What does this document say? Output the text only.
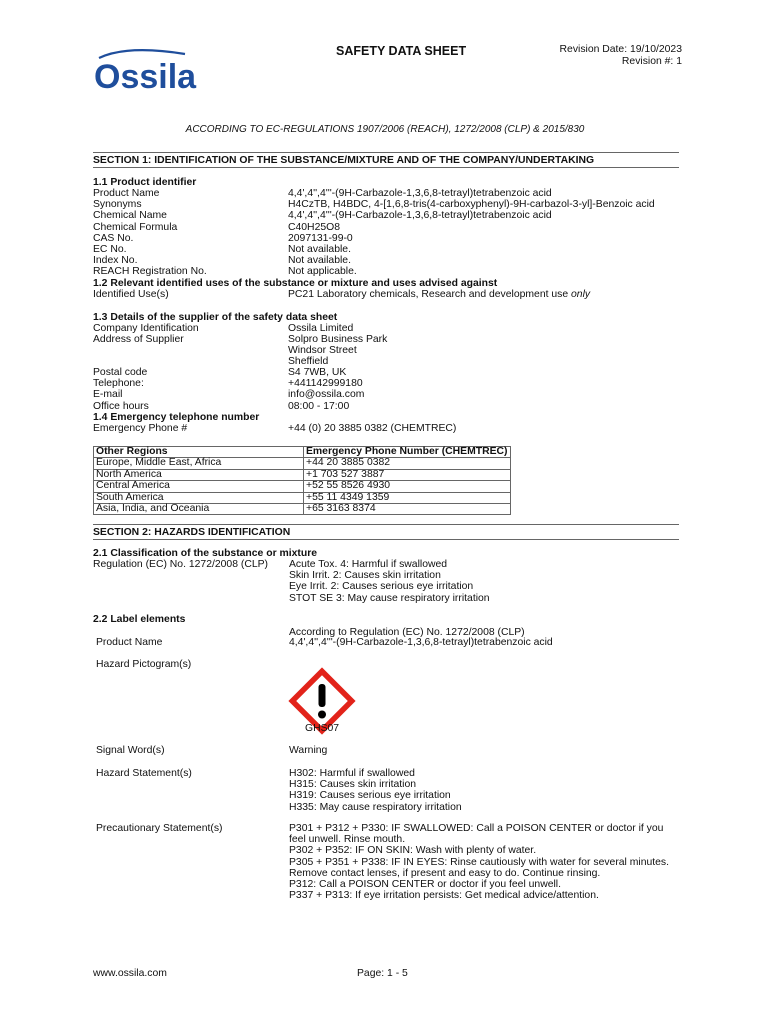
Ossila
SAFETY DATA SHEET	Revision Date: 19/10/2023
Revision #: 1
ACCORDING TO EC-REGULATIONS 1907/2006 (REACH), 1272/2008 (CLP) & 2015/830
SECTION 1: IDENTIFICATION OF THE SUBSTANCE/MIXTURE AND OF THE COMPANY/UNDERTAKING
1.1 Product identifier
Product Name	4,4',4'',4'''-(9H-Carbazole-1,3,6,8-tetrayl)tetrabenzoic acid
Synonyms	H4CzTB, H4BDC, 4-[1,6,8-tris(4-carboxyphenyl)-9H-carbazol-3-yl]-Benzoic acid
Chemical Name	4,4',4'',4'''-(9H-Carbazole-1,3,6,8-tetrayl)tetrabenzoic acid
Chemical Formula	C40H25O8
CAS No.	2097131-99-0
EC No.	Not available.
Index No.	Not available.
REACH Registration No.	Not applicable.
1.2 Relevant identified uses of the substance or mixture and uses advised against
Identified Use(s)	PC21 Laboratory chemicals, Research and development use only
1.3 Details of the supplier of the safety data sheet
Company Identification	Ossila Limited
Address of Supplier	Solpro Business Park
Windsor Street
Sheffield
Postal code	S4 7WB, UK
Telephone:	+441142999180
E-mail	info@ossila.com
Office hours	08:00 - 17:00
1.4 Emergency telephone number
Emergency Phone #	+44 (0) 20 3885 0382 (CHEMTREC)
Other Regions	Emergency Phone Number (CHEMTREC)
Europe, Middle East, Africa	+44 20 3885 0382
North America	+1 703 527 3887
Central America	+52 55 8526 4930
South America	+55 11 4349 1359
Asia, India, and Oceania	+65 3163 8374
SECTION 2: HAZARDS IDENTIFICATION
2.1 Classification of the substance or mixture
Regulation (EC) No. 1272/2008 (CLP) Acute Tox. 4: Harmful if swallowed
Skin Irrit. 2: Causes skin irritation
Eye Irrit. 2: Causes serious eye irritation
STOT SE 3: May cause respiratory irritation
2.2 Label elements
According to Regulation (EC) No. 1272/2008 (CLP)
Product Name	4,4',4'',4'''-(9H-Carbazole-1,3,6,8-tetrayl)tetrabenzoic acid
Hazard Pictogram(s)
GHS07
Signal Word(s)	Warning
Hazard Statement(s)	H302: Harmful if swallowed
H315: Causes skin irritation
H319: Causes serious eye irritation
H335: May cause respiratory irritation
Precautionary Statement(s)	P301 + P312 + P330: IF SWALLOWED: Call a POISON CENTER or doctor if you
feel unwell. Rinse mouth.
P302 + P352: IF ON SKIN: Wash with plenty of water.
P305 + P351 + P338: IF IN EYES: Rinse cautiously with water for several minutes.
Remove contact lenses, if present and easy to do. Continue rinsing.
P312: Call a POISON CENTER or doctor if you feel unwell.
P337 + P313: If eye irritation persists: Get medical advice/attention.
www.ossila.com	Page: 1 - 5
